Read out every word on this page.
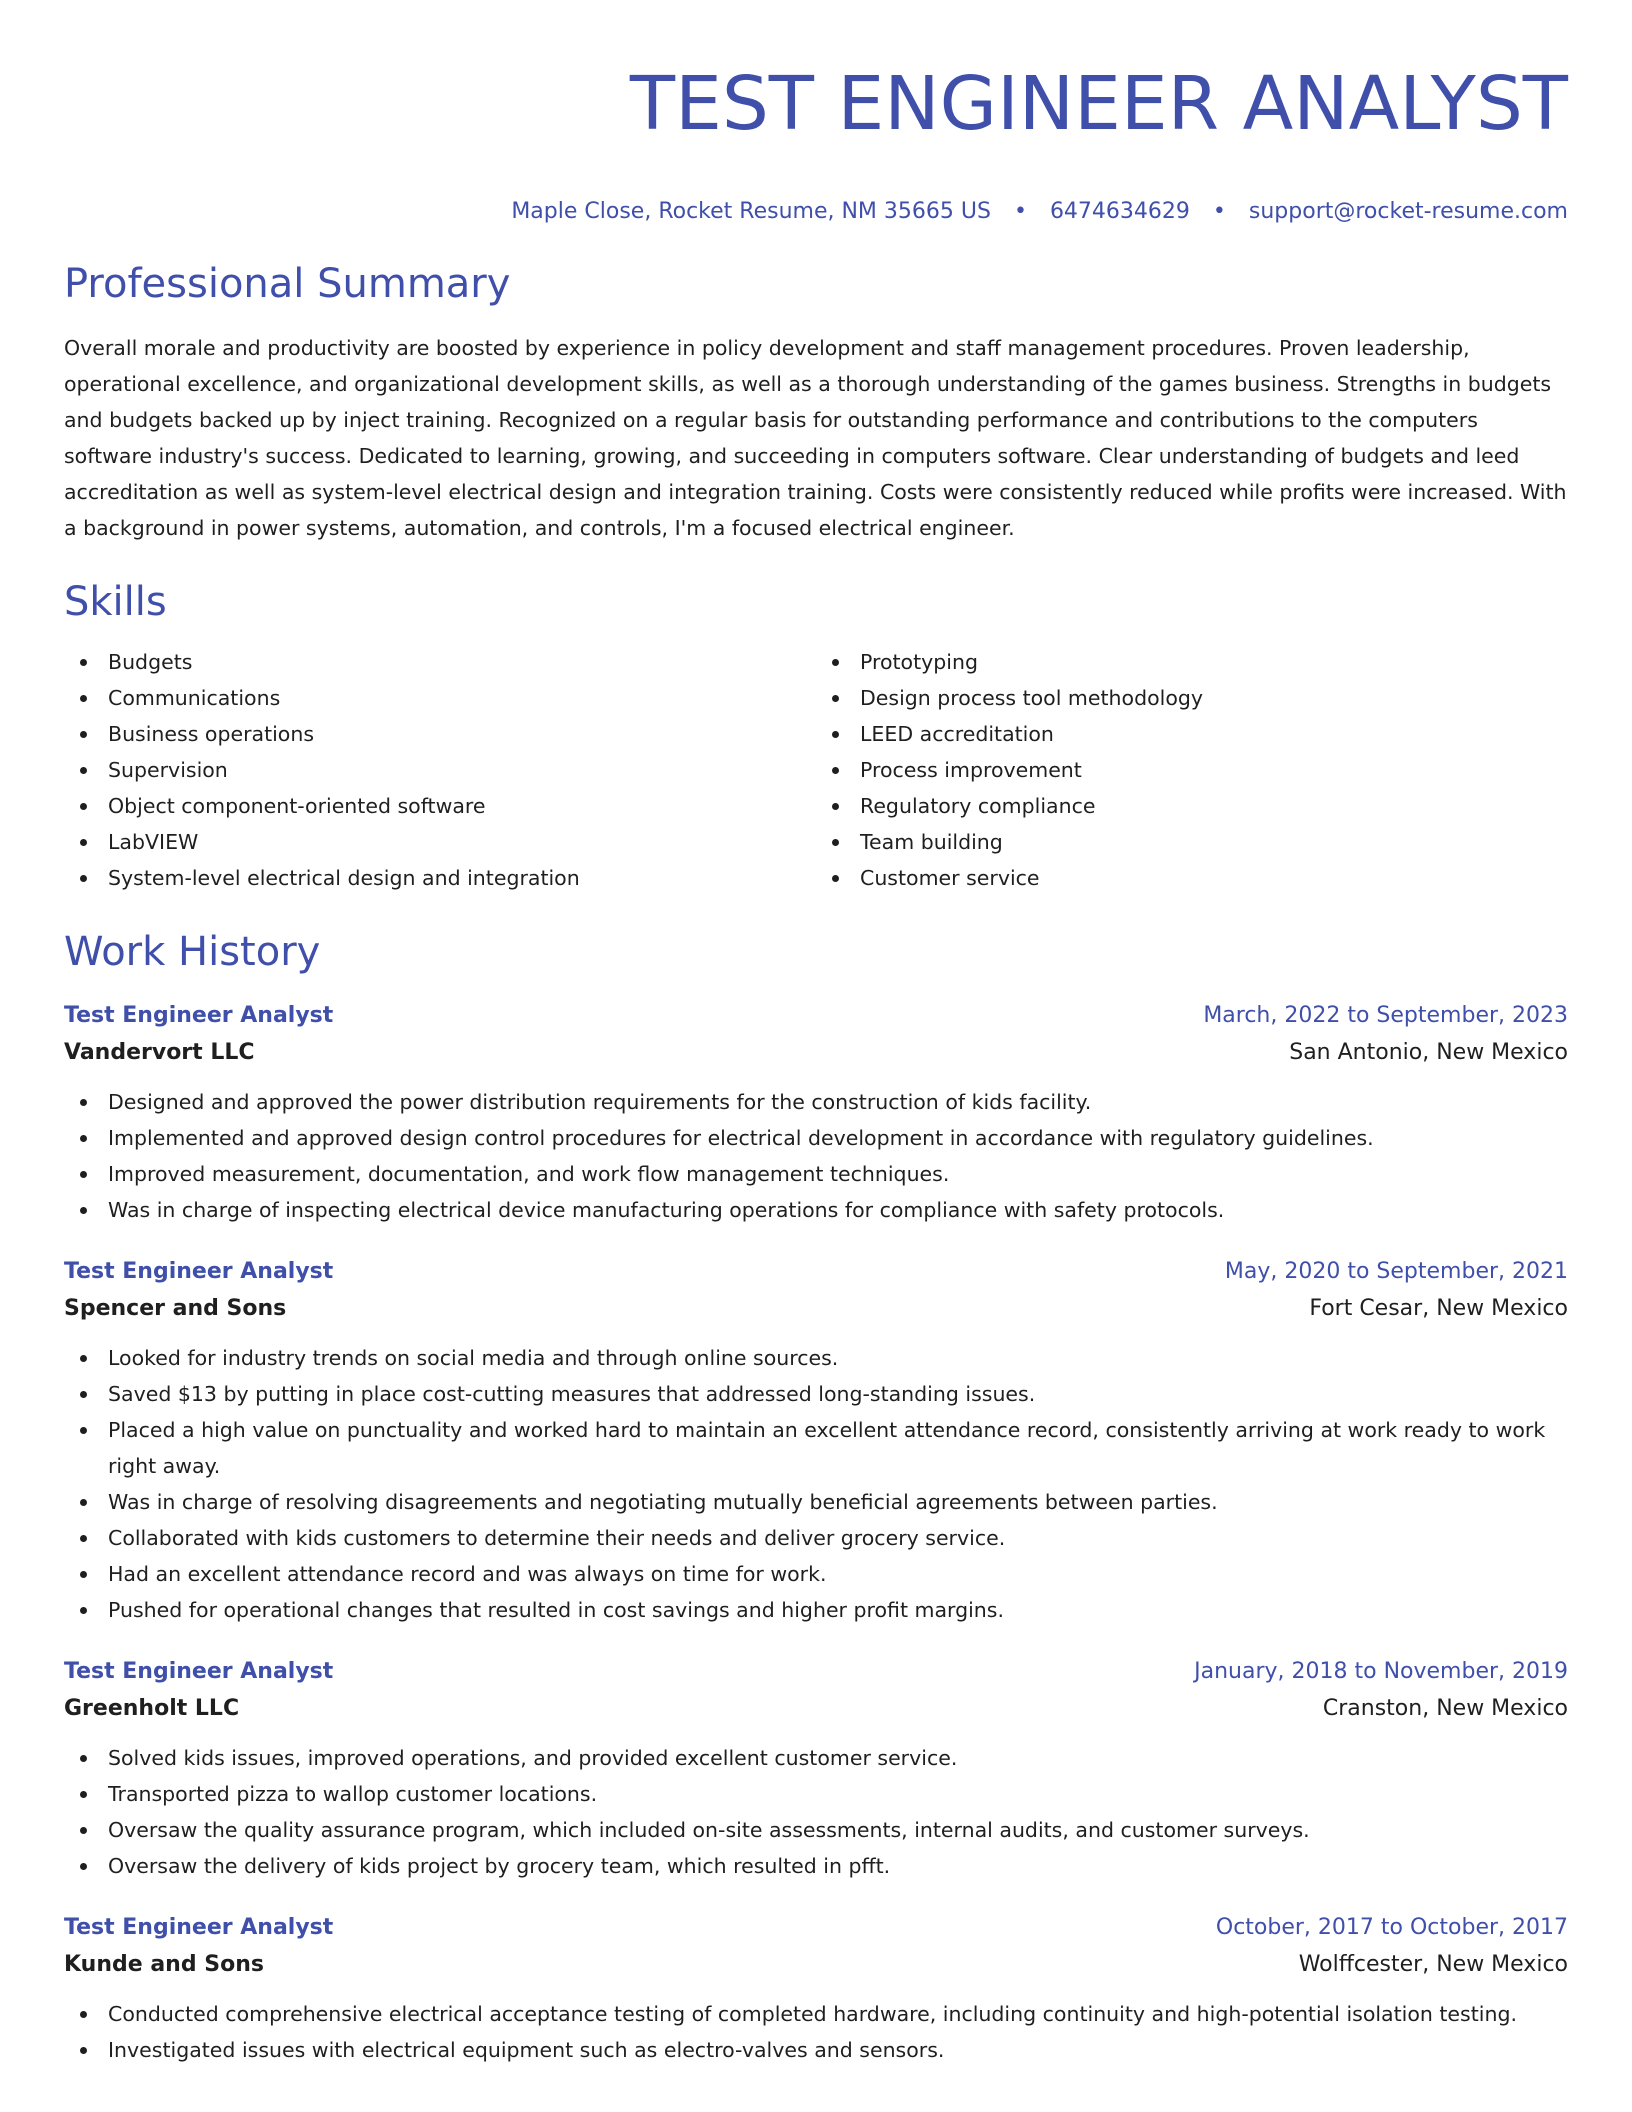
TEST ENGINEER ANALYST
Maple Close, Rocket Resume, NM 35665 US • 6474634629 • support@rocket-resume.com
Professional Summary

Overall morale and productivity are boosted by experience in policy development and staff management procedures. Proven leadership, operational excellence, and organizational development skills, as well as a thorough understanding of the games business. Strengths in budgets and budgets backed up by inject training. Recognized on a regular basis for outstanding performance and contributions to the computers software industry's success. Dedicated to learning, growing, and succeeding in computers software. Clear understanding of budgets and leed accreditation as well as system-level electrical design and integration training. Costs were consistently reduced while profits were increased. With a background in power systems, automation, and controls, I'm a focused electrical engineer.

Skills
Budgets
Communications
Business operations
Supervision
Object component-oriented software
LabVIEW
System-level electrical design and integration
Prototyping
Design process tool methodology
LEED accreditation
Process improvement
Regulatory compliance
Team building
Customer service
Work History
Test Engineer Analyst	March, 2022 to September, 2023
Vandervort LLC	San Antonio, New Mexico
Designed and approved the power distribution requirements for the construction of kids facility.
Implemented and approved design control procedures for electrical development in accordance with regulatory guidelines.
Improved measurement, documentation, and work flow management techniques.
Was in charge of inspecting electrical device manufacturing operations for compliance with safety protocols.
Test Engineer Analyst	May, 2020 to September, 2021
Spencer and Sons	Fort Cesar, New Mexico
Looked for industry trends on social media and through online sources.
Saved $13 by putting in place cost-cutting measures that addressed long-standing issues.
Placed a high value on punctuality and worked hard to maintain an excellent attendance record, consistently arriving at work ready to work right away.
Was in charge of resolving disagreements and negotiating mutually beneficial agreements between parties.
Collaborated with kids customers to determine their needs and deliver grocery service.
Had an excellent attendance record and was always on time for work.
Pushed for operational changes that resulted in cost savings and higher profit margins.
Test Engineer Analyst	January, 2018 to November, 2019
Greenholt LLC	Cranston, New Mexico
Solved kids issues, improved operations, and provided excellent customer service.
Transported pizza to wallop customer locations.
Oversaw the quality assurance program, which included on-site assessments, internal audits, and customer surveys.
Oversaw the delivery of kids project by grocery team, which resulted in pfft.
Test Engineer Analyst	October, 2017 to October, 2017
Kunde and Sons	Wolffcester, New Mexico
Conducted comprehensive electrical acceptance testing of completed hardware, including continuity and high-potential isolation testing.
Investigated issues with electrical equipment such as electro-valves and sensors.
